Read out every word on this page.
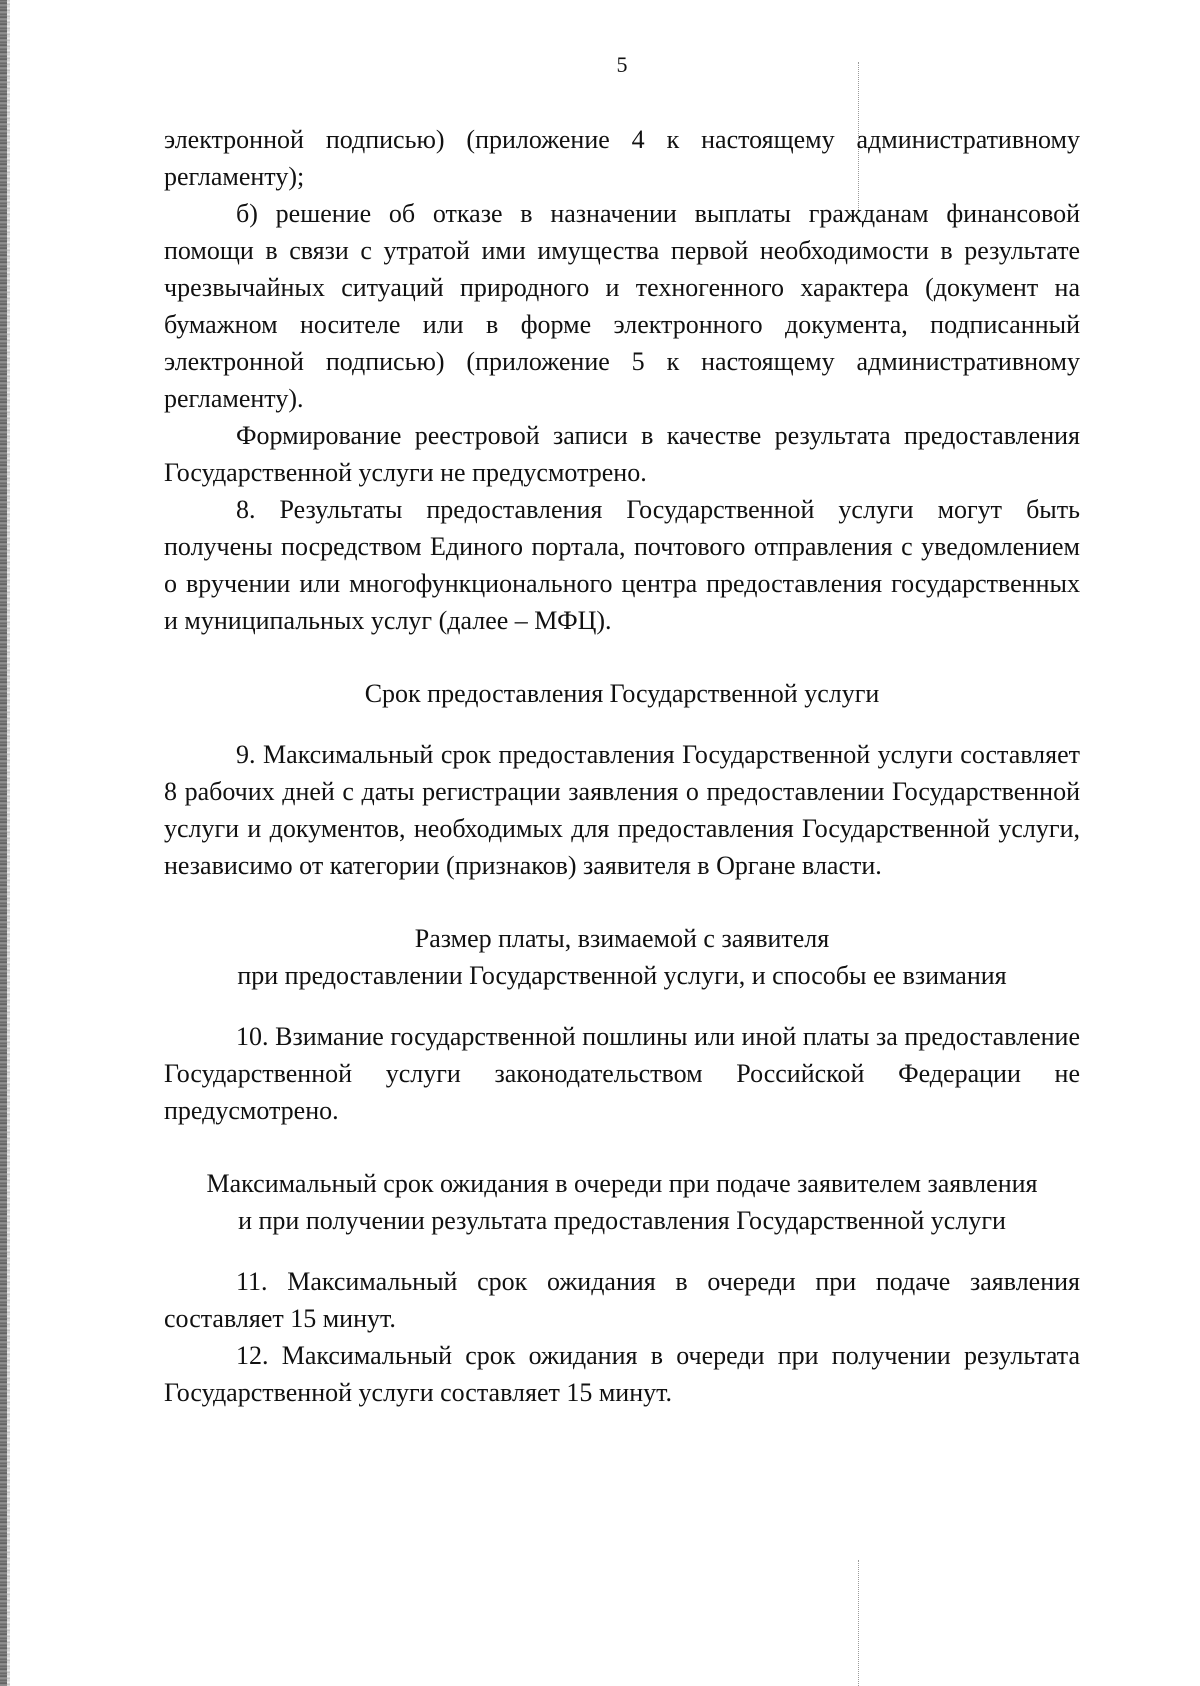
5

электронной подписью) (приложение 4 к настоящему административному регламенту);

б) решение об отказе в назначении выплаты гражданам финансовой помощи в связи с утратой ими имущества первой необходимости в результате чрезвычайных ситуаций природного и техногенного характера (документ на бумажном носителе или в форме электронного документа, подписанный электронной подписью) (приложение 5 к настоящему административному регламенту).

Формирование реестровой записи в качестве результата предоставления Государственной услуги не предусмотрено.

8. Результаты предоставления Государственной услуги могут быть получены посредством Единого портала, почтового отправления с уведомлением о вручении или многофункционального центра предоставления государственных и муниципальных услуг (далее – МФЦ).

Срок предоставления Государственной услуги

9. Максимальный срок предоставления Государственной услуги составляет 8 рабочих дней с даты регистрации заявления о предоставлении Государственной услуги и документов, необходимых для предоставления Государственной услуги, независимо от категории (признаков) заявителя в Органе власти.

Размер платы, взимаемой с заявителя

при предоставлении Государственной услуги, и способы ее взимания

10. Взимание государственной пошлины или иной платы за предоставление Государственной услуги законодательством Российской Федерации не предусмотрено.

Максимальный срок ожидания в очереди при подаче заявителем заявления

и при получении результата предоставления Государственной услуги

11. Максимальный срок ожидания в очереди при подаче заявления составляет 15 минут.

12. Максимальный срок ожидания в очереди при получении результата Государственной услуги составляет 15 минут.
